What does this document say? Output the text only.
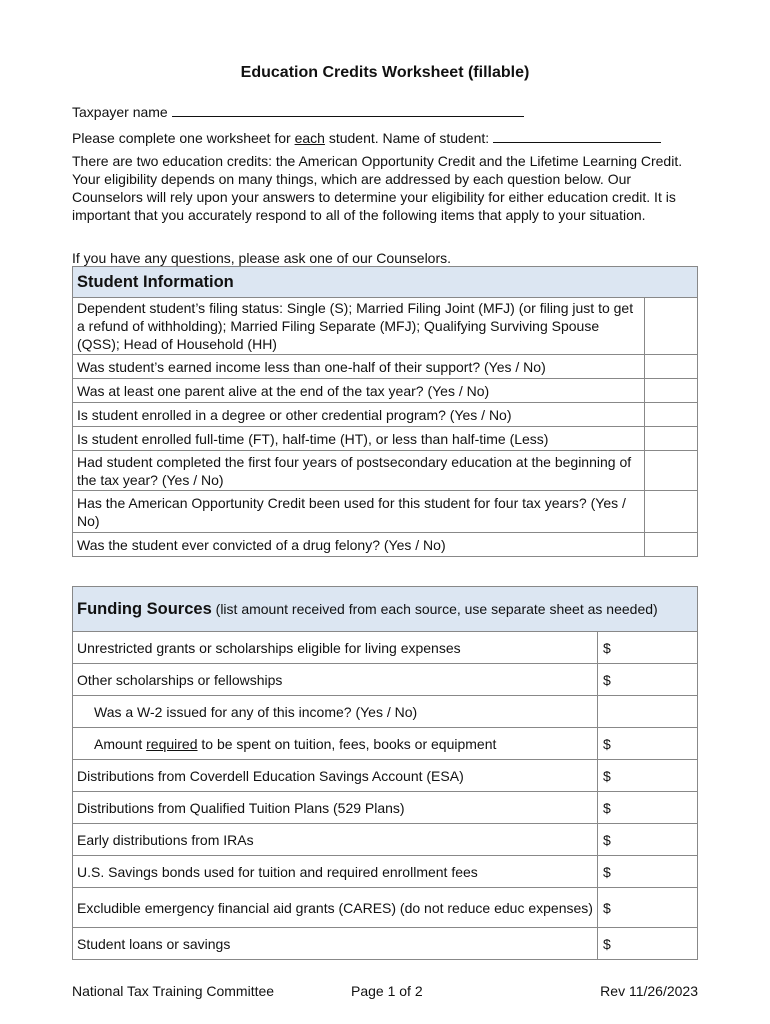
Education Credits Worksheet (fillable)
Taxpayer name
Please complete one worksheet for each student. Name of student:
There are two education credits: the American Opportunity Credit and the Lifetime Learning Credit. Your eligibility depends on many things, which are addressed by each question below. Our Counselors will rely upon your answers to determine your eligibility for either education credit. It is important that you accurately respond to all of the following items that apply to your situation.
If you have any questions, please ask one of our Counselors.
Student Information	
Dependent student’s filing status: Single (S); Married Filing Joint (MFJ) (or filing just to get a refund of withholding); Married Filing Separate (MFJ); Qualifying Surviving Spouse (QSS); Head of Household (HH)	
Was student’s earned income less than one-half of their support? (Yes / No)	
Was at least one parent alive at the end of the tax year? (Yes / No)	
Is student enrolled in a degree or other credential program? (Yes / No)	
Is student enrolled full-time (FT), half-time (HT), or less than half-time (Less)	
Had student completed the first four years of postsecondary education at the beginning of the tax year? (Yes / No)	
Has the American Opportunity Credit been used for this student for four tax years? (Yes / No)	
Was the student ever convicted of a drug felony? (Yes / No)	
Funding Sources (list amount received from each source, use separate sheet as needed)	
Unrestricted grants or scholarships eligible for living expenses	$
Other scholarships or fellowships	$
Was a W-2 issued for any of this income? (Yes / No)	
Amount required to be spent on tuition, fees, books or equipment	$
Distributions from Coverdell Education Savings Account (ESA)	$
Distributions from Qualified Tuition Plans (529 Plans)	$
Early distributions from IRAs	$
U.S. Savings bonds used for tuition and required enrollment fees	$
Excludible emergency financial aid grants (CARES) (do not reduce educ expenses)	$
Student loans or savings	$
National Tax Training Committee	Page 1 of 2	Rev 11/26/2023
